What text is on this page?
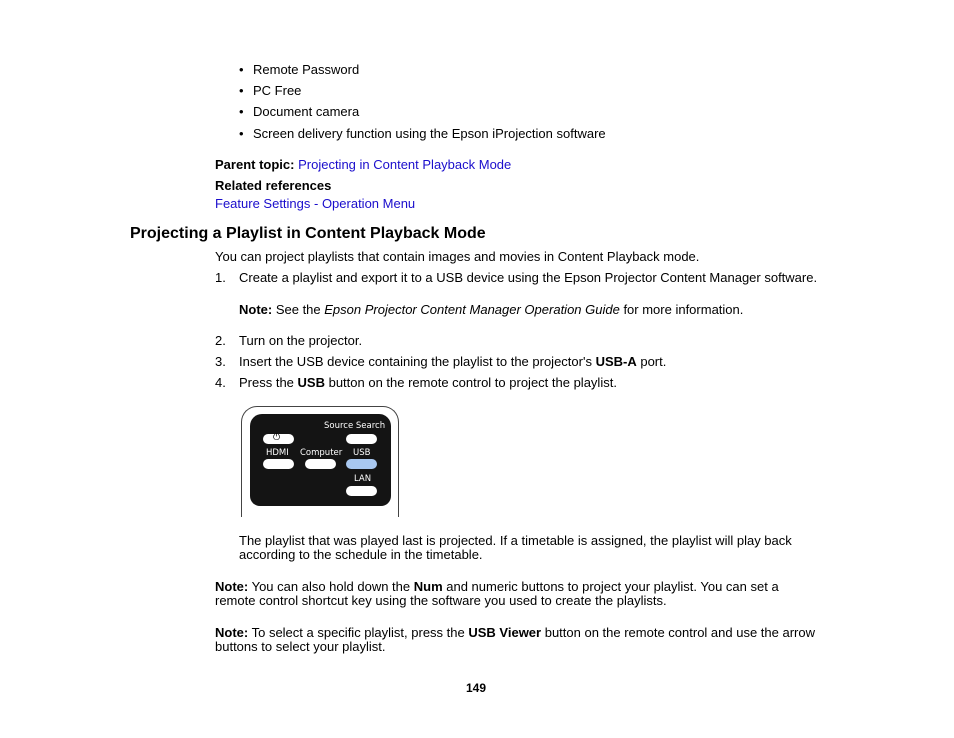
• Remote Password
• PC Free
• Document camera
• Screen delivery function using the Epson iProjection software
Parent topic: Projecting in Content Playback Mode
Related references
Feature Settings - Operation Menu
Projecting a Playlist in Content Playback Mode
You can project playlists that contain images and movies in Content Playback mode.
1. Create a playlist and export it to a USB device using the Epson Projector Content Manager software.
Note: See the Epson Projector Content Manager Operation Guide for more information.
2. Turn on the projector.
3. Insert the USB device containing the playlist to the projector's USB-A port.
4. Press the USB button on the remote control to project the playlist.
Source Search
⏻
HDMI Computer USB
LAN
The playlist that was played last is projected. If a timetable is assigned, the playlist will play back
according to the schedule in the timetable.
Note: You can also hold down the Num and numeric buttons to project your playlist. You can set a
remote control shortcut key using the software you used to create the playlists.
Note: To select a specific playlist, press the USB Viewer button on the remote control and use the arrow
buttons to select your playlist.
149
